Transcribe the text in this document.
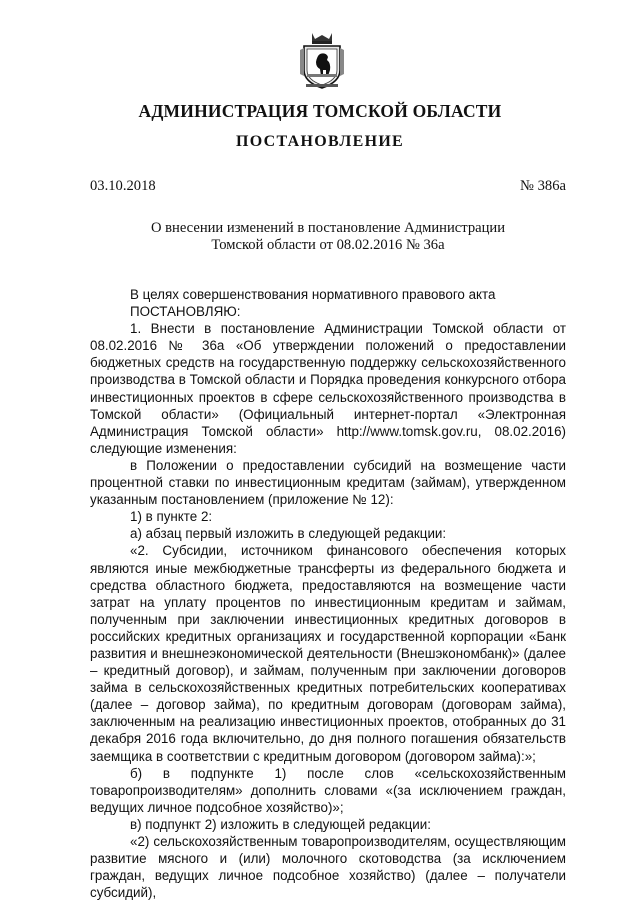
АДМИНИСТРАЦИЯ ТОМСКОЙ ОБЛАСТИ
ПОСТАНОВЛЕНИЕ
03.10.2018	№ 386а
О внесении изменений в постановление Администрации
Томской области от 08.02.2016 № 36а

В целях совершенствования нормативного правового акта

ПОСТАНОВЛЯЮ:

1. Внести в постановление Администрации Томской области от 08.02.2016 № 36а «Об утверждении положений о предоставлении бюджетных средств на государственную поддержку сельскохозяйственного производства в Томской области и Порядка проведения конкурсного отбора инвестиционных проектов в сфере сельскохозяйственного производства в Томской области» (Официальный интернет-портал «Электронная Администрация Томской области» http://www.tomsk.gov.ru, 08.02.2016) следующие изменения:

в Положении о предоставлении субсидий на возмещение части процентной ставки по инвестиционным кредитам (займам), утвержденном указанным постановлением (приложение № 12):

1) в пункте 2:

а) абзац первый изложить в следующей редакции:

«2. Субсидии, источником финансового обеспечения которых являются иные межбюджетные трансферты из федерального бюджета и средства областного бюджета, предоставляются на возмещение части затрат на уплату процентов по инвестиционным кредитам и займам, полученным при заключении инвестиционных кредитных договоров в российских кредитных организациях и государственной корпорации «Банк развития и внешнеэкономической деятельности (Внешэкономбанк)» (далее – кредитный договор), и займам, полученным при заключении договоров займа в сельскохозяйственных кредитных потребительских кооперативах (далее – договор займа), по кредитным договорам (договорам займа), заключенным на реализацию инвестиционных проектов, отобранных до 31 декабря 2016 года включительно, до дня полного погашения обязательств заемщика в соответствии с кредитным договором (договором займа):»;

б) в подпункте 1) после слов «сельскохозяйственным товаропроизводителям» дополнить словами «(за исключением граждан, ведущих личное подсобное хозяйство)»;

в) подпункт 2) изложить в следующей редакции:

«2) сельскохозяйственным товаропроизводителям, осуществляющим развитие мясного и (или) молочного скотоводства (за исключением граждан, ведущих личное подсобное хозяйство) (далее – получатели субсидий),
